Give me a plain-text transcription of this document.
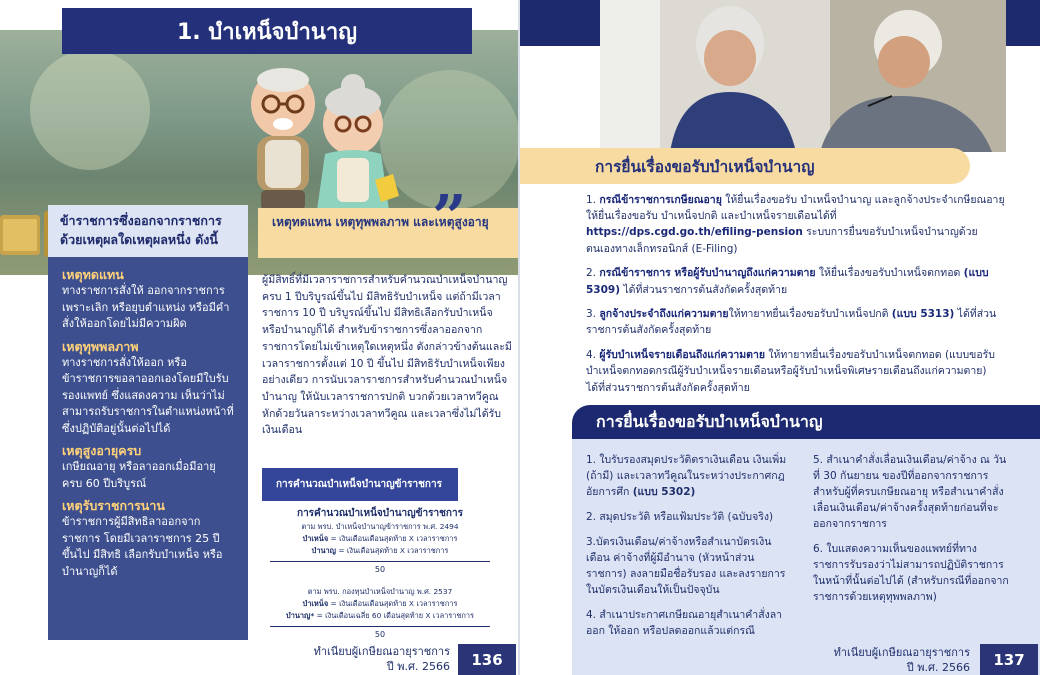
1. บำเหน็จบำนาญ
ข้าราชการซึ่งออกจากราชการด้วยเหตุผลใดเหตุผลหนึ่ง ดังนี้
เหตุทดแทน
ทางราชการสั่งให้ ออกจากราชการ เพราะเลิก หรือยุบตำแหน่ง หรือมีคำสั่งให้ออกโดยไม่มีความผิด
เหตุทุพพลภาพ
ทางราชการสั่งให้ออก หรือข้าราชการขอลาออกเองโดยมีใบรับรองแพทย์ ซึ่งแสดงความ เห็นว่าไม่สามารถรับราชการในตำแหน่งหน้าที่ซึ่งปฏิบัติอยู่นั้นต่อไปได้
เหตุสูงอายุครบ
เกษียณอายุ หรือลาออกเมื่อมีอายุ ครบ 60 ปีบริบูรณ์
เหตุรับราชการนาน
ข้าราชการผู้มีสิทธิลาออกจากราชการ โดยมีเวลาราชการ 25 ปี ขึ้นไป มีสิทธิ เลือกรับบำเหน็จ หรือบำนาญก็ได้
เหตุทดแทน เหตุทุพพลภาพ และเหตุสูงอายุ
”
ผู้มีสิทธิ์ที่มีเวลาราชการสำหรับคำนวณบำเหน็จบำนาญครบ 1 ปีบริบูรณ์ขึ้นไป มีสิทธิรับบำเหน็จ แต่ถ้ามีเวลาราชการ 10 ปี บริบูรณ์ขึ้นไป มีสิทธิเลือกรับบำเหน็จ หรือบำนาญก็ได้ สำหรับข้าราชการซึ่งลาออกจากราชการโดยไม่เข้าเหตุใดเหตุหนึ่ง ดังกล่าวข้างต้นและมีเวลาราชการตั้งแต่ 10 ปี ขึ้นไป มีสิทธิรับบำเหน็จเพียงอย่างเดียว การนับเวลาราชการสำหรับคำนวณบำเหน็จบำนาญ ให้นับเวลาราชการปกติ บวกด้วยเวลาทวีคูณหักด้วยวันลาระหว่างเวลาทวีคูณ และเวลาซึ่งไม่ได้รับเงินเดือน
การคำนวณบำเหน็จบำนาญข้าราชการ
การคำนวณบำเหน็จบำนาญข้าราชการ
ตาม พรบ. บำเหน็จบำนาญข้าราชการ พ.ศ. 2494
บำเหน็จ = เงินเดือนเดือนสุดท้าย X เวลาราชการ
บำนาญ = เงินเดือนสุดท้าย X เวลาราชการ
50
ตาม พรบ. กองทุนบำเหน็จบำนาญ พ.ศ. 2537
บำเหน็จ = เงินเดือนเดือนสุดท้าย X เวลาราชการ
บำนาญ* = เงินเดือนเฉลี่ย 60 เดือนสุดท้าย X เวลาราชการ
50
ทำเนียบผู้เกษียณอายุราชการ
ปี พ.ศ. 2566	136
การยื่นเรื่องขอรับบำเหน็จบำนาญ

1. กรณีข้าราชการเกษียณอายุ ให้ยื่นเรื่องขอรับ บำเหน็จบำนาญ และลูกจ้างประจำเกษียณอายุให้ยื่นเรื่องขอรับ บำเหน็จปกติ และบำเหน็จรายเดือนได้ที่ https://dps.cgd.go.th/efiling-pension ระบบการยื่นขอรับบำเหน็จบำนาญด้วยตนเองทางเล็กทรอนิกส์ (E-Filing)

2. กรณีข้าราชการ หรือผู้รับบำนาญถึงแก่ความตาย ให้ยื่นเรื่องขอรับบำเหน็จตกทอด (แบบ 5309) ได้ที่ส่วนราชการต้นสังกัดครั้งสุดท้าย

3. ลูกจ้างประจำถึงแก่ความตายให้ทายาทยื่นเรื่องขอรับบำเหน็จปกติ (แบบ 5313) ได้ที่ส่วนราชการต้นสังกัดครั้งสุดท้าย

4. ผู้รับบำเหน็จรายเดือนถึงแก่ความตาย ให้ทายาทยื่นเรื่องขอรับบำเหน็จตกทอด (แบบขอรับบำเหน็จตกทอดกรณีผู้รับบำเหน็จรายเดือนหรือผู้รับบำเหน็จพิเศษรายเดือนถึงแก่ความตาย) ได้ที่ส่วนราชการต้นสังกัดครั้งสุดท้าย

การยื่นเรื่องขอรับบำเหน็จบำนาญ

1. ใบรับรองสมุดประวัติตราเงินเดือน เงินเพิ่ม (ถ้ามี) และเวลาทวีคูณในระหว่างประกาศกฎอัยการศึก (แบบ 5302)

2. สมุดประวัติ หรือแฟ้มประวัติ (ฉบับจริง)

3.บัตรเงินเดือน/ค่าจ้างหรือสำเนาบัตรเงินเดือน ค่าจ้างที่ผู้มีอำนาจ (หัวหน้าส่วนราชการ) ลงลายมือชื่อรับรอง และลงรายการในบัตรเงินเดือนให้เป็นปัจจุบัน

4. สำเนาประกาศเกษียณอายุสำเนาคำสั่งลาออก ให้ออก หรือปลดออกแล้วแต่กรณี

5. สำเนาคำสั่งเลื่อนเงินเดือน/ค่าจ้าง ณ วันที่ 30 กันยายน ของปีที่ออกจากราชการสำหรับผู้ที่ครบเกษียณอายุ หรือสำเนาคำสั่งเลื่อนเงินเดือน/ค่าจ้างครั้งสุดท้ายก่อนที่จะออกจากราชการ

6. ใบแสดงความเห็นของแพทย์ที่ทางราชการรับรองว่าไม่สามารถปฏิบัติราชการในหน้าที่นั้นต่อไปได้ (สำหรับกรณีที่ออกจากราชการด้วยเหตุทุพพลภาพ)

ทำเนียบผู้เกษียณอายุราชการ
ปี พ.ศ. 2566	137
